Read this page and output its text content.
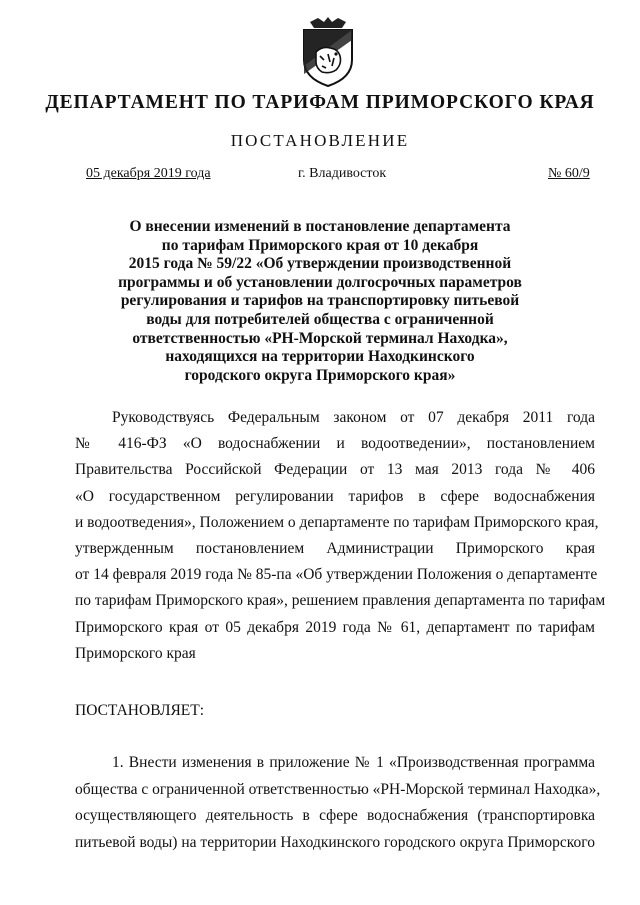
ДЕПАРТАМЕНТ ПО ТАРИФАМ ПРИМОРСКОГО КРАЯ
ПОСТАНОВЛЕНИЕ
05 декабря 2019 года	г. Владивосток	№ 60/9
О внесении изменений в постановление департамента
по тарифам Приморского края от 10 декабря
2015 года № 59/22 «Об утверждении производственной
программы и об установлении долгосрочных параметров
регулирования и тарифов на транспортировку питьевой
воды для потребителей общества с ограниченной
ответственностью «РН-Морской терминал Находка»,
находящихся на территории Находкинского
городского округа Приморского края»
Руководствуясь Федеральным законом от 07 декабря 2011 года
№ 416-ФЗ «О водоснабжении и водоотведении», постановлением
Правительства Российской Федерации от 13 мая 2013 года № 406
«О государственном регулировании тарифов в сфере водоснабжения
и водоотведения», Положением о департаменте по тарифам Приморского края,
утвержденным постановлением Администрации Приморского края
от 14 февраля 2019 года № 85-па «Об утверждении Положения о департаменте
по тарифам Приморского края», решением правления департамента по тарифам
Приморского края от 05 декабря 2019 года № 61, департамент по тарифам
Приморского края
ПОСТАНОВЛЯЕТ:
1. Внести изменения в приложение № 1 «Производственная программа
общества с ограниченной ответственностью «РН-Морской терминал Находка»,
осуществляющего деятельность в сфере водоснабжения (транспортировка
питьевой воды) на территории Находкинского городского округа Приморского
